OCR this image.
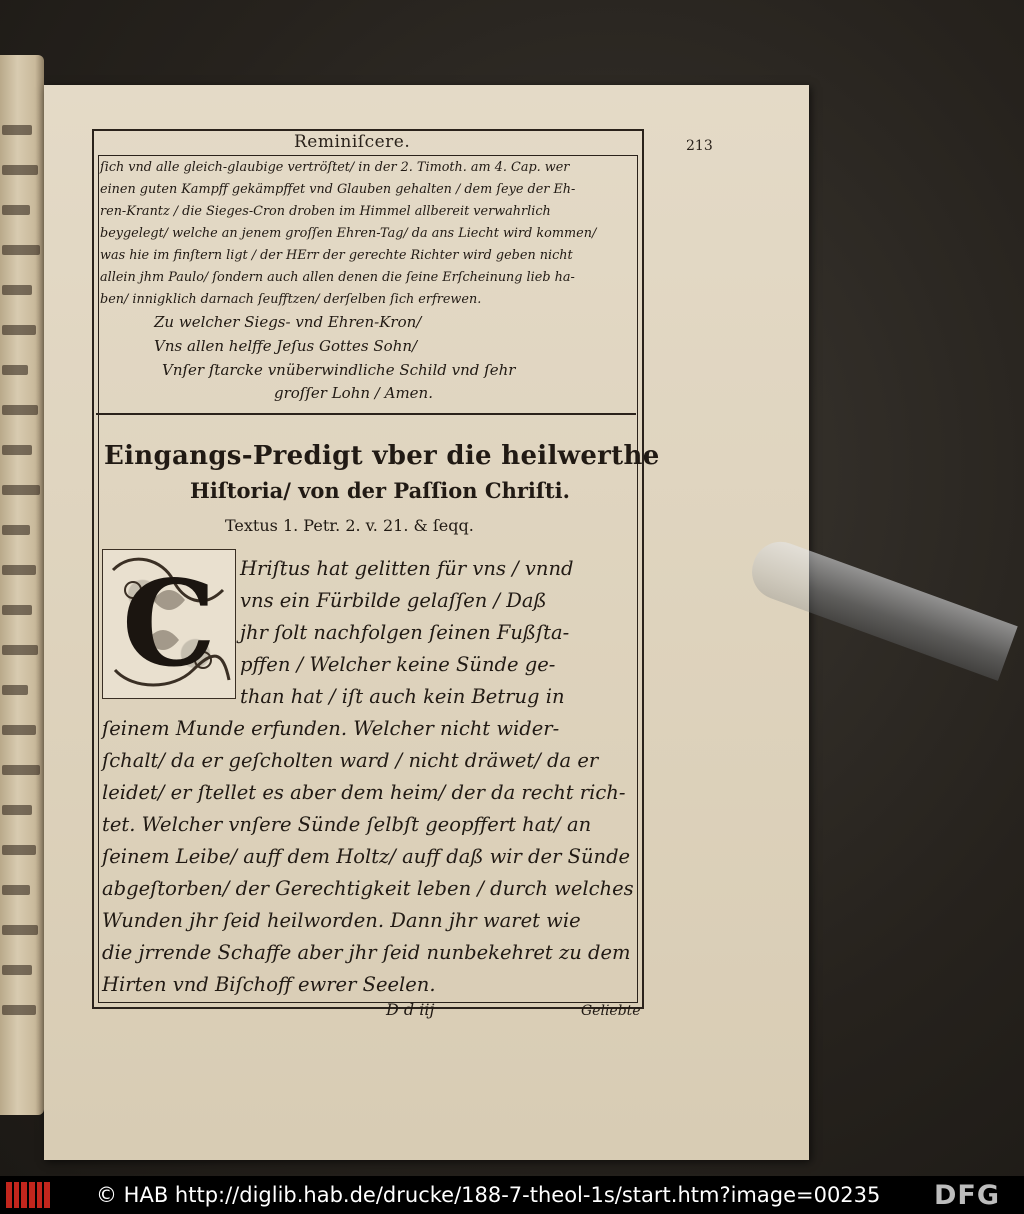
Reminiſcere.	213
ſich vnd alle gleich-glaubige vertröſtet/ in der 2. Timoth. am 4. Cap. wer
einen guten Kampff gekämpffet vnd Glauben gehalten / dem ſeye der Eh-
ren-Krantz / die Sieges-Cron droben im Himmel allbereit verwahrlich
beygelegt/ welche an jenem groſſen Ehren-Tag/ da ans Liecht wird kommen/
was hie im finſtern ligt / der HErr der gerechte Richter wird geben nicht
allein jhm Paulo/ ſondern auch allen denen die ſeine Erſcheinung lieb ha-
ben/ innigklich darnach ſeufftzen/ derſelben ſich erfrewen.
Zu welcher Siegs- vnd Ehren-Kron/
Vns allen helffe Jeſus Gottes Sohn/
Vnſer ſtarcke vnüberwindliche Schild vnd ſehr
groſſer Lohn / Amen.
Eingangs-Predigt vber die heilwerthe
Hiſtoria/ von der Paſſion Chriſti.
Textus 1. Petr. 2. v. 21. & ſeqq.
C	Hriſtus hat gelitten für vns / vnnd
vns ein Fürbilde gelaſſen / Daß
jhr ſolt nachfolgen ſeinen Fußſta-
pffen / Welcher keine Sünde ge-
than hat / iſt auch kein Betrug in
ſeinem Munde erfunden. Welcher nicht wider-
ſchalt/ da er geſcholten ward / nicht dräwet/ da er
leidet/ er ſtellet es aber dem heim/ der da recht rich-
tet. Welcher vnſere Sünde ſelbſt geopffert hat/ an
ſeinem Leibe/ auff dem Holtz/ auff daß wir der Sünde
abgeſtorben/ der Gerechtigkeit leben / durch welches
Wunden jhr ſeid heilworden. Dann jhr waret wie
die jrrende Schaffe aber jhr ſeid nunbekehret zu dem
Hirten vnd Biſchoff ewrer Seelen.
D d iij	Geliebte
© HAB http://diglib.hab.de/drucke/188-7-theol-1s/start.htm?image=00235 DFG
